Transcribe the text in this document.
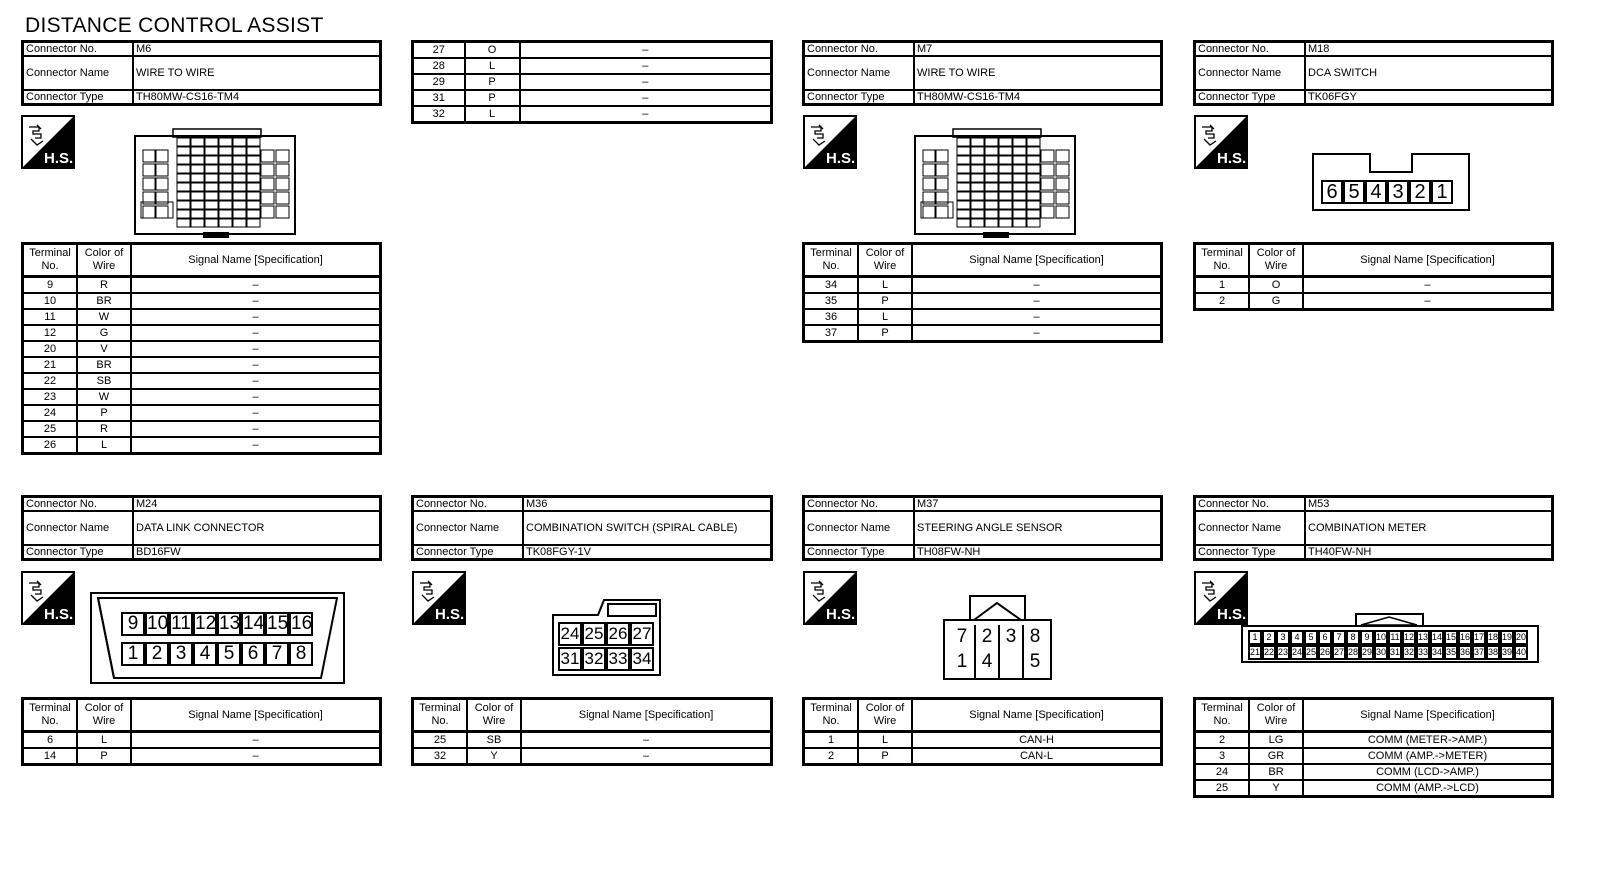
DISTANCE CONTROL ASSIST
Connector No.	M6
Connector Name	WIRE TO WIRE
Connector Type	TH80MW-CS16-TM4
H.S.
Terminal No.	Color of Wire	Signal Name [Specification]
9	R	–
10	BR	–
11	W	–
12	G	–
20	V	–
21	BR	–
22	SB	–
23	W	–
24	P	–
25	R	–
26	L	–
27	O	–
28	L	–
29	P	–
31	P	–
32	L	–
Connector No.	M7
Connector Name	WIRE TO WIRE
Connector Type	TH80MW-CS16-TM4
H.S.
Terminal No.	Color of Wire	Signal Name [Specification]
34	L	–
35	P	–
36	L	–
37	P	–
Connector No.	M18
Connector Name	DCA SWITCH
Connector Type	TK06FGY
H.S.
6 5 4 3 2 1
Terminal No.	Color of Wire	Signal Name [Specification]
1	O	–
2	G	–
Connector No.	M24
Connector Name	DATA LINK CONNECTOR
Connector Type	BD16FW
H.S.	9 10 11 12 13 14 15 16
1 2 3 4 5 6 7 8
Terminal No.	Color of Wire	Signal Name [Specification]
6	L	–
14	P	–
Connector No.	M36
Connector Name	COMBINATION SWITCH (SPIRAL CABLE)
Connector Type	TK08FGY-1V
H.S.
24 25 26 27
31 32 33 34
Terminal No.	Color of Wire	Signal Name [Specification]
25	SB	–
32	Y	–
Connector No.	M37
Connector Name	STEERING ANGLE SENSOR
Connector Type	TH08FW-NH
H.S.
7 2 3 8
1 4	5
Terminal No.	Color of Wire	Signal Name [Specification]
1	L	CAN-H
2	P	CAN-L
Connector No.	M53
Connector Name	COMBINATION METER
Connector Type	TH40FW-NH
H.S.
1 2 3 4 5 6 7 8 9 10 11 12 13 14 15 16 17 18 19 20
21 22 23 24 25 26 27 28 29 30 31 32 33 34 35 36 37 38 39 40
Terminal No.	Color of Wire	Signal Name [Specification]
2	LG	COMM (METER->AMP.)
3	GR	COMM (AMP.->METER)
24	BR	COMM (LCD->AMP.)
25	Y	COMM (AMP.->LCD)
